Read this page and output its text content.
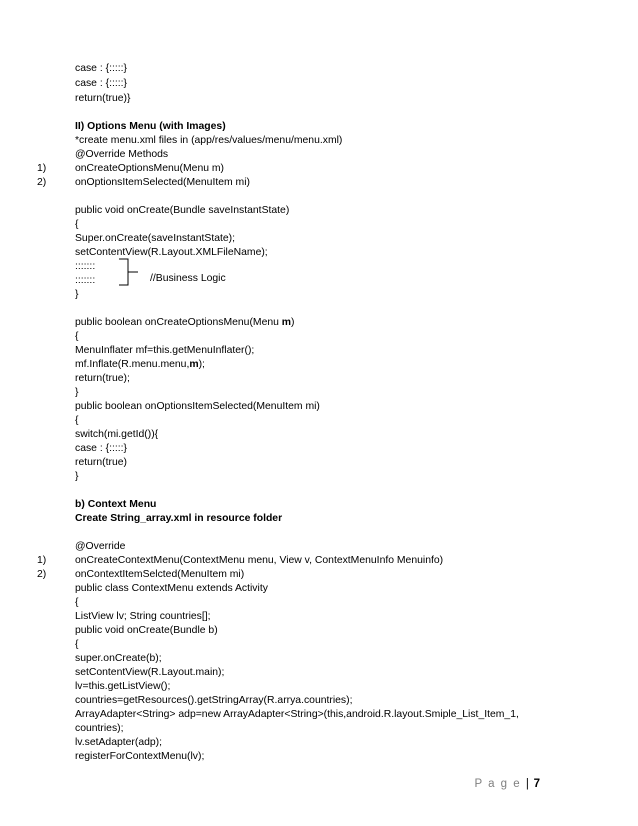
case : {:::::}
case : {:::::}
return(true)}
II) Options Menu (with Images)
*create menu.xml files in (app/res/values/menu/menu.xml)
@Override Methods
1)	onCreateOptionsMenu(Menu m)
2)	onOptionsItemSelected(MenuItem mi)
public void onCreate(Bundle saveInstantState)
{
Super.onCreate(saveInstantState);
setContentView(R.Layout.XMLFileName);
:::::::
:::::::
}
public boolean onCreateOptionsMenu(Menu m)
{
MenuInflater mf=this.getMenuInflater();
mf.Inflate(R.menu.menu,m);
return(true);
}
public boolean onOptionsItemSelected(MenuItem mi)
{
switch(mi.getId()){
case : {:::::}
return(true)
}
b) Context Menu
Create String_array.xml in resource folder
@Override
1)	onCreateContextMenu(ContextMenu menu, View v, ContextMenuInfo Menuinfo)
2)	onContextItemSelcted(MenuItem mi)
public class ContextMenu extends Activity
{
ListView lv; String countries[];
public void onCreate(Bundle b)
{
super.onCreate(b);
setContentView(R.Layout.main);
lv=this.getListView();
countries=getResources().getStringArray(R.arrya.countries);
ArrayAdapter<String> adp=new ArrayAdapter<String>(this,android.R.layout.Smiple_List_Item_1,
countries);
lv.setAdapter(adp);
registerForContextMenu(lv);
//Business Logic
P a g e | 7
